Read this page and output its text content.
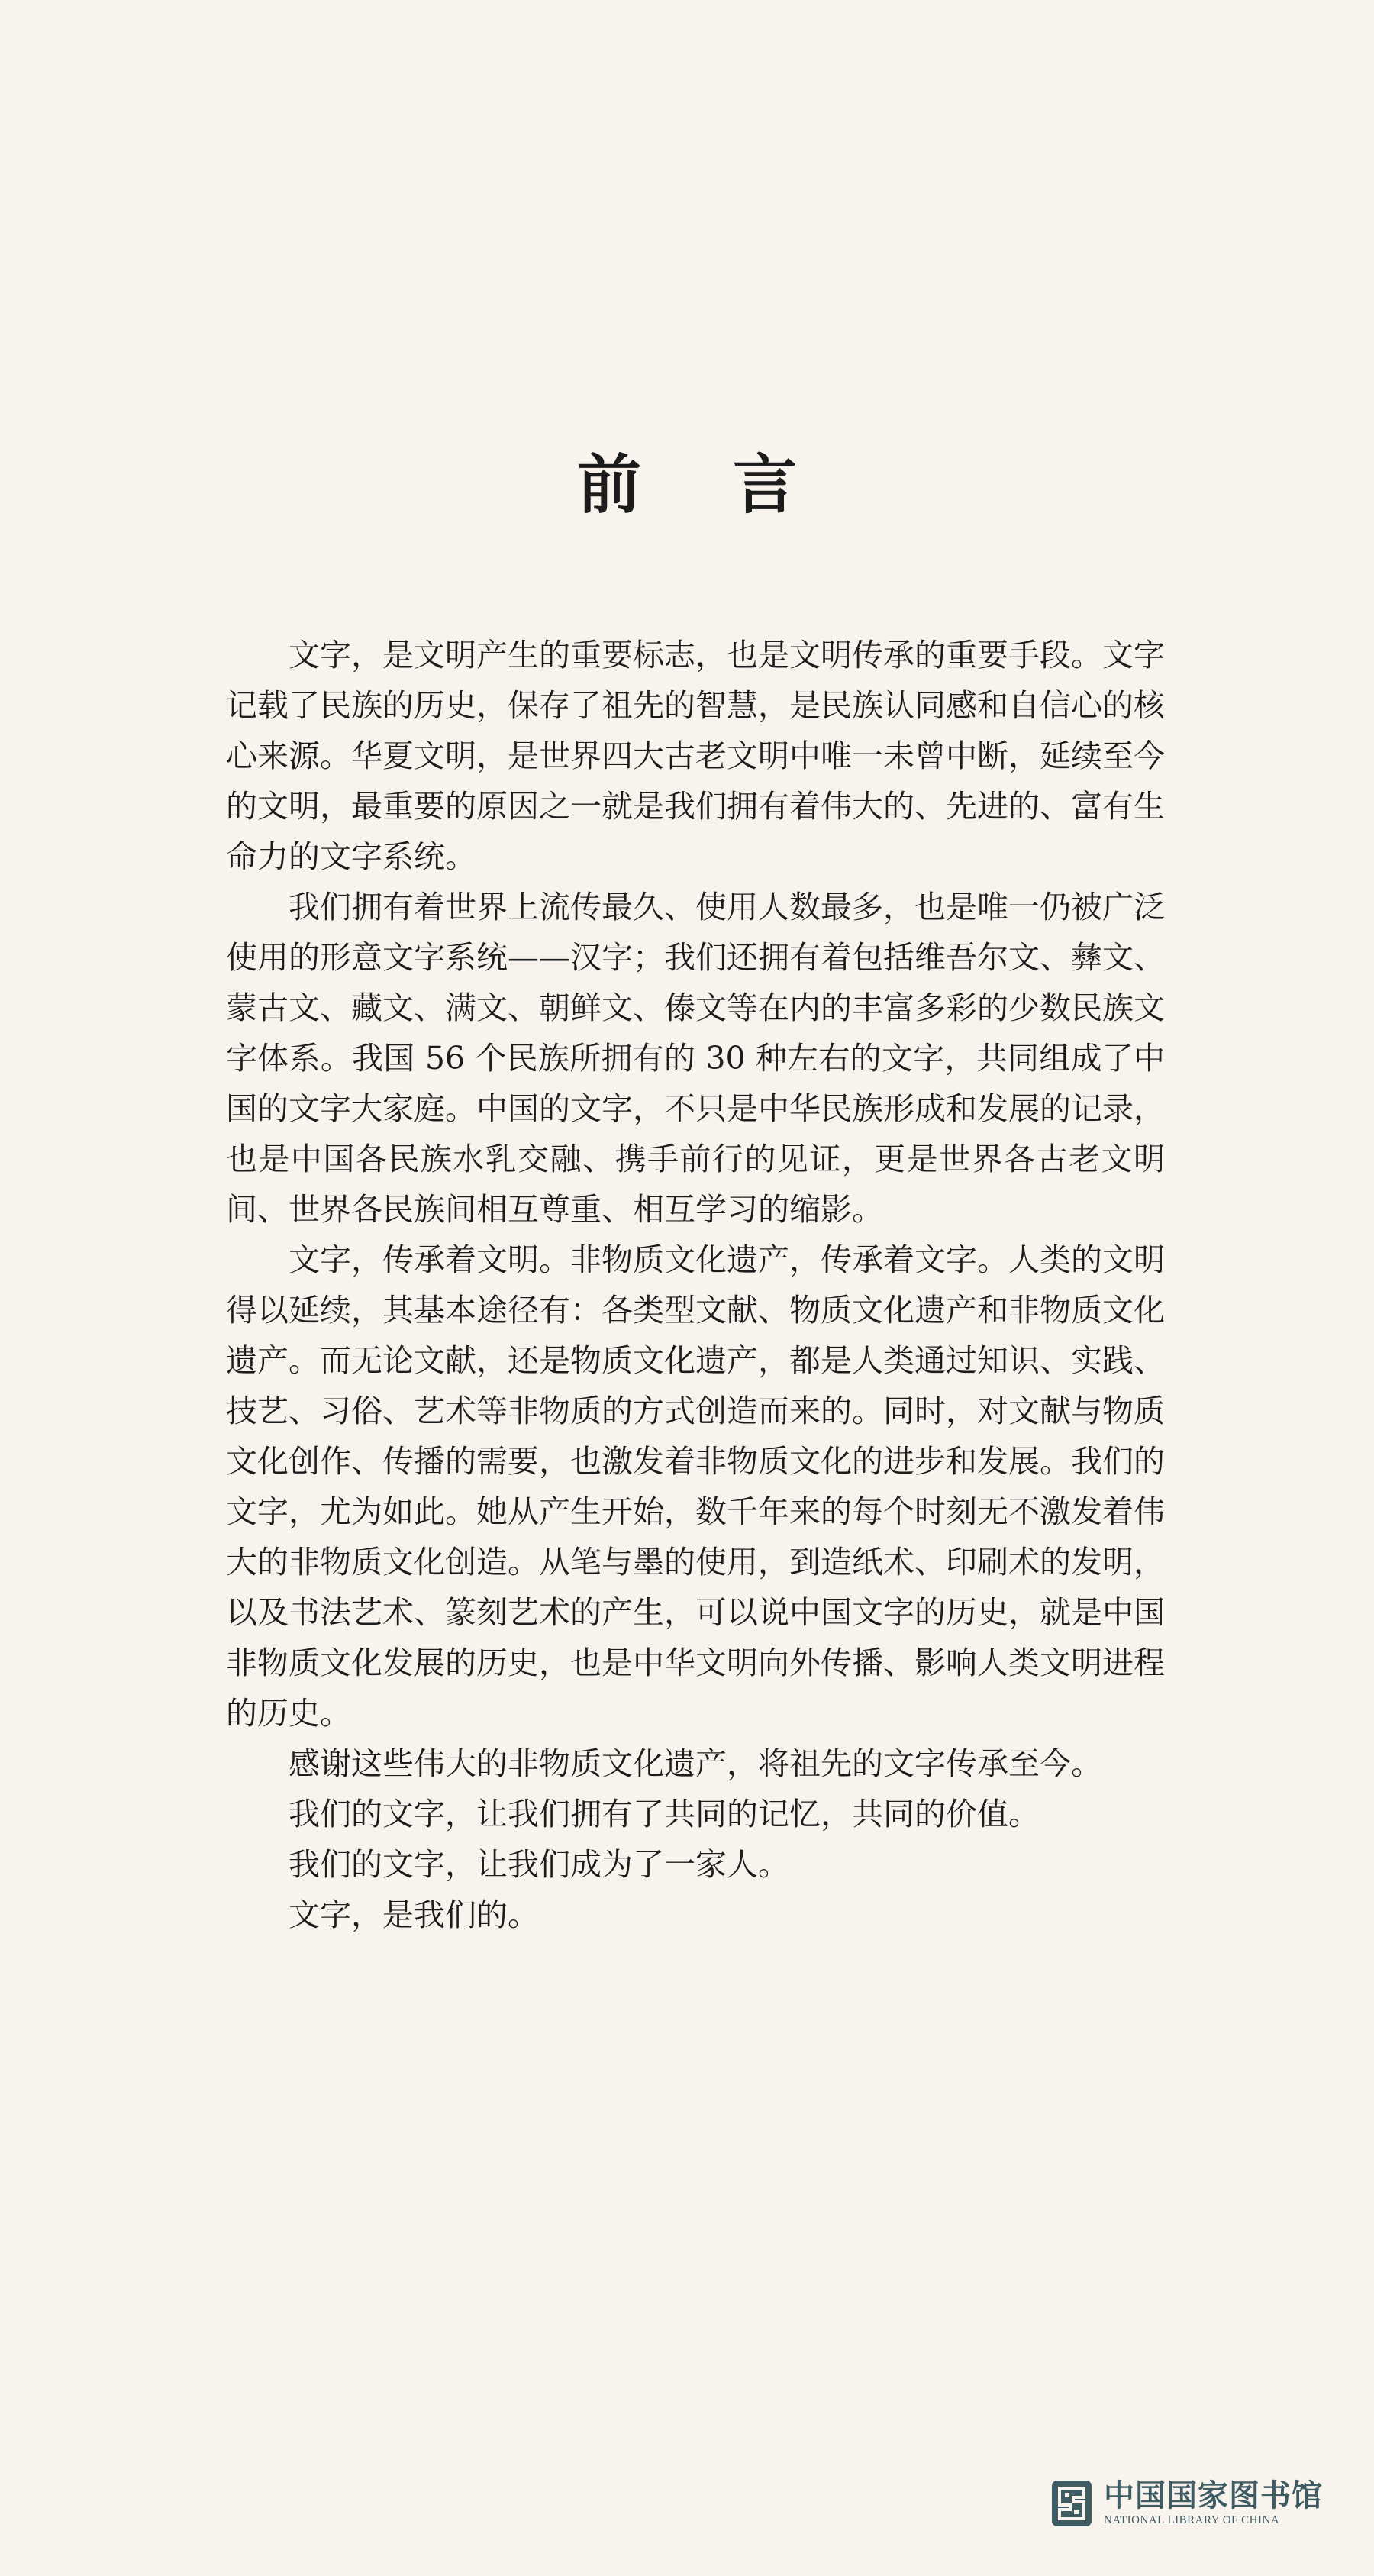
前言

文字，是文明产生的重要标志，也是文明传承的重要手段。文字记载了民族的历史，保存了祖先的智慧，是民族认同感和自信心的核心来源。华夏文明，是世界四大古老文明中唯一未曾中断，延续至今的文明，最重要的原因之一就是我们拥有着伟大的、先进的、富有生命力的文字系统。

我们拥有着世界上流传最久、使用人数最多，也是唯一仍被广泛使用的形意文字系统——汉字；我们还拥有着包括维吾尔文、彝文、蒙古文、藏文、满文、朝鲜文、傣文等在内的丰富多彩的少数民族文字体系。我国 56 个民族所拥有的 30 种左右的文字，共同组成了中国的文字大家庭。中国的文字，不只是中华民族形成和发展的记录，也是中国各民族水乳交融、携手前行的见证，更是世界各古老文明间、世界各民族间相互尊重、相互学习的缩影。

文字，传承着文明。非物质文化遗产，传承着文字。人类的文明得以延续，其基本途径有：各类型文献、物质文化遗产和非物质文化遗产。而无论文献，还是物质文化遗产，都是人类通过知识、实践、技艺、习俗、艺术等非物质的方式创造而来的。同时，对文献与物质文化创作、传播的需要，也激发着非物质文化的进步和发展。我们的文字，尤为如此。她从产生开始，数千年来的每个时刻无不激发着伟大的非物质文化创造。从笔与墨的使用，到造纸术、印刷术的发明，以及书法艺术、篆刻艺术的产生，可以说中国文字的历史，就是中国非物质文化发展的历史，也是中华文明向外传播、影响人类文明进程的历史。

感谢这些伟大的非物质文化遗产，将祖先的文字传承至今。

我们的文字，让我们拥有了共同的记忆，共同的价值。

我们的文字，让我们成为了一家人。

文字，是我们的。

中国国家图书馆
NATIONAL LIBRARY OF CHINA
